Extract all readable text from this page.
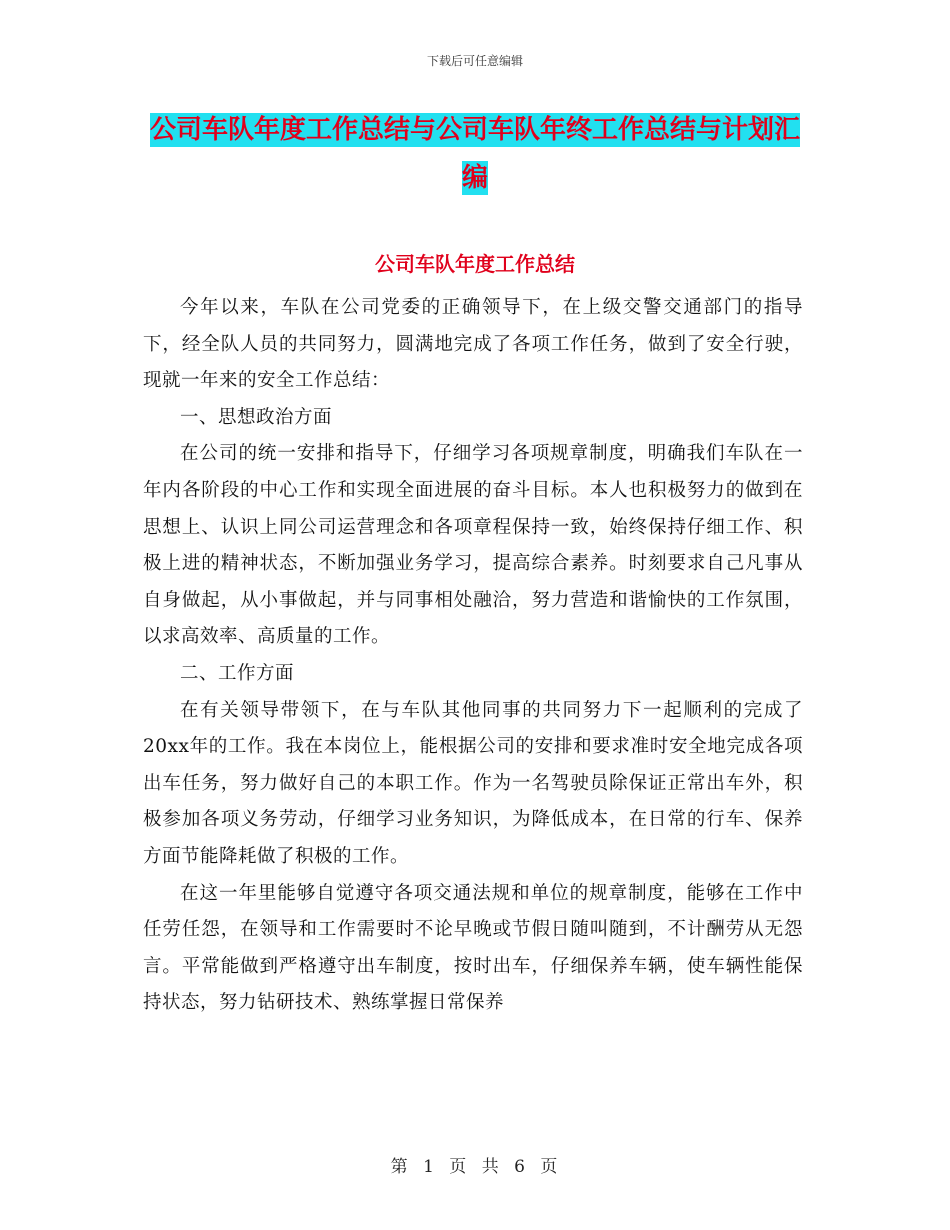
下载后可任意编辑
公司车队年度工作总结与公司车队年终工作总结与计划汇编
公司车队年度工作总结

今年以来，车队在公司党委的正确领导下，在上级交警交通部门的指导下，经全队人员的共同努力，圆满地完成了各项工作任务，做到了安全行驶，现就一年来的安全工作总结：

一、思想政治方面

在公司的统一安排和指导下，仔细学习各项规章制度，明确我们车队在一年内各阶段的中心工作和实现全面进展的奋斗目标。本人也积极努力的做到在思想上、认识上同公司运营理念和各项章程保持一致，始终保持仔细工作、积极上进的精神状态，不断加强业务学习，提高综合素养。时刻要求自己凡事从自身做起，从小事做起，并与同事相处融洽，努力营造和谐愉快的工作氛围，以求高效率、高质量的工作。

二、工作方面

在有关领导带领下，在与车队其他同事的共同努力下一起顺利的完成了20xx年的工作。我在本岗位上，能根据公司的安排和要求准时安全地完成各项出车任务，努力做好自己的本职工作。作为一名驾驶员除保证正常出车外，积极参加各项义务劳动，仔细学习业务知识，为降低成本，在日常的行车、保养方面节能降耗做了积极的工作。

在这一年里能够自觉遵守各项交通法规和单位的规章制度，能够在工作中任劳任怨，在领导和工作需要时不论早晚或节假日随叫随到，不计酬劳从无怨言。平常能做到严格遵守出车制度，按时出车，仔细保养车辆，使车辆性能保持状态，努力钻研技术、熟练掌握日常保养

第 1 页 共 6 页
